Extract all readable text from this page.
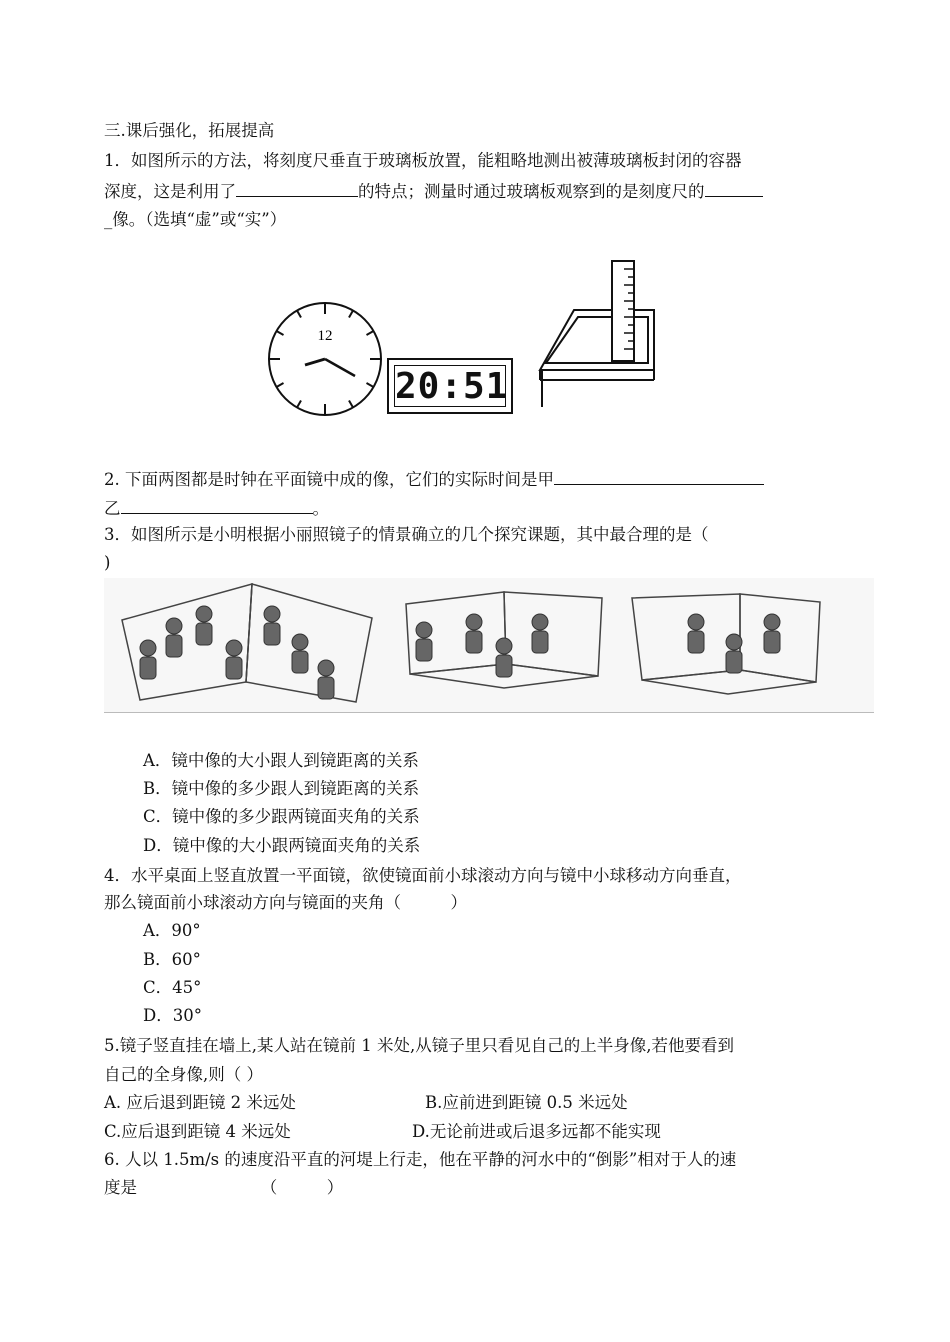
三.课后强化，拓展提高
1．如图所示的方法，将刻度尺垂直于玻璃板放置，能粗略地测出被薄玻璃板封闭的容器
深度，这是利用了	的特点；测量时通过玻璃板观察到的是刻度尺的
_像。（选填“虚”或“实”）
12
20:51
2. 下面两图都是时钟在平面镜中成的像，它们的实际时间是甲
乙	。
3．如图所示是小明根据小丽照镜子的情景确立的几个探究课题，其中最合理的是（
)
A．镜中像的大小跟人到镜距离的关系
B．镜中像的多少跟人到镜距离的关系
C．镜中像的多少跟两镜面夹角的关系
D．镜中像的大小跟两镜面夹角的关系
4．水平桌面上竖直放置一平面镜，欲使镜面前小球滚动方向与镜中小球移动方向垂直，
那么镜面前小球滚动方向与镜面的夹角（　　　）
A．90°
B．60°
C．45°
D．30°
5.镜子竖直挂在墙上,某人站在镜前 1 米处,从镜子里只看见自己的上半身像,若他要看到
自己的全身像,则（ ）
A. 应后退到距镜 2 米远处	B.应前进到距镜 0.5 米远处
C.应后退到距镜 4 米远处	D.无论前进或后退多远都不能实现
6. 人以 1.5m/s 的速度沿平直的河堤上行走，他在平静的河水中的“倒影”相对于人的速
度是　　　　　　　　（　　　）
